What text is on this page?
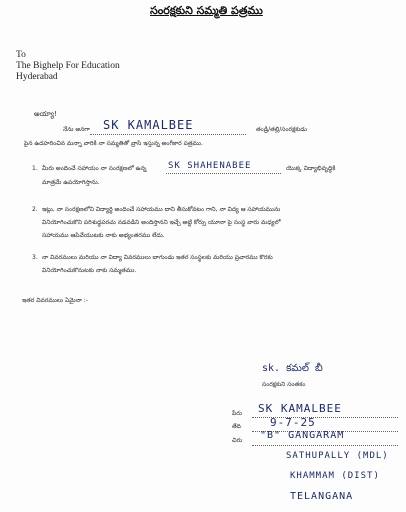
సంరక్షకుని సమ్మతి పత్రము
To
The Bighelp For Education
Hyderabad
అయ్యా!
నేను అనగా SK KAMALBEE	తండ్రి/తల్లి/సంరక్షకుడు
పైన ఉదహరించిన మన్నా వారికి నా సమ్మతితో వ్రాసి ఇస్తున్న అంగీకార పత్రము.
1. మీరు అందించే సహాయం నా సంరక్షణలో ఉన్న SK SHAHENABEE	యొక్క విద్యాభివృద్ధికి
మాత్రమే ఉపయోగిస్తాను.
2. ఇట్లు, నా సంరక్షణలోని విద్యార్థి అందించే సహాయము దాని తీసుకోవటం గాని, నా విద్య ఆ సహాయమును
వినియోగించుకొని పరిశుద్ధపరచు నడవడిని అందిస్తానని ఇచ్చే అట్టి కోర్సు యూనా పై సంస్థ వారు మధ్యలో
సహాయము ఆపివేయుటకు నాకు అభ్యంతరము లేదు.
3. నా వివరములు మరియు నా విద్యా వివరములు బాగుండు ఇతర సంస్థలకు మరియు ప్రచారము కొరకు
వినియోగించుకొనుటకు నాకు సమ్మతము.
ఇతర వివరములు ఏమైనా :-
sk. కమల్ బీ
సంరక్షకుని సంతకం
పేరు SK KAMALBEE
తేది	9-7-25
చిరు "B" GANGARAM
SATHUPALLY (MDL)
KHAMMAM (DIST)
TELANGANA
